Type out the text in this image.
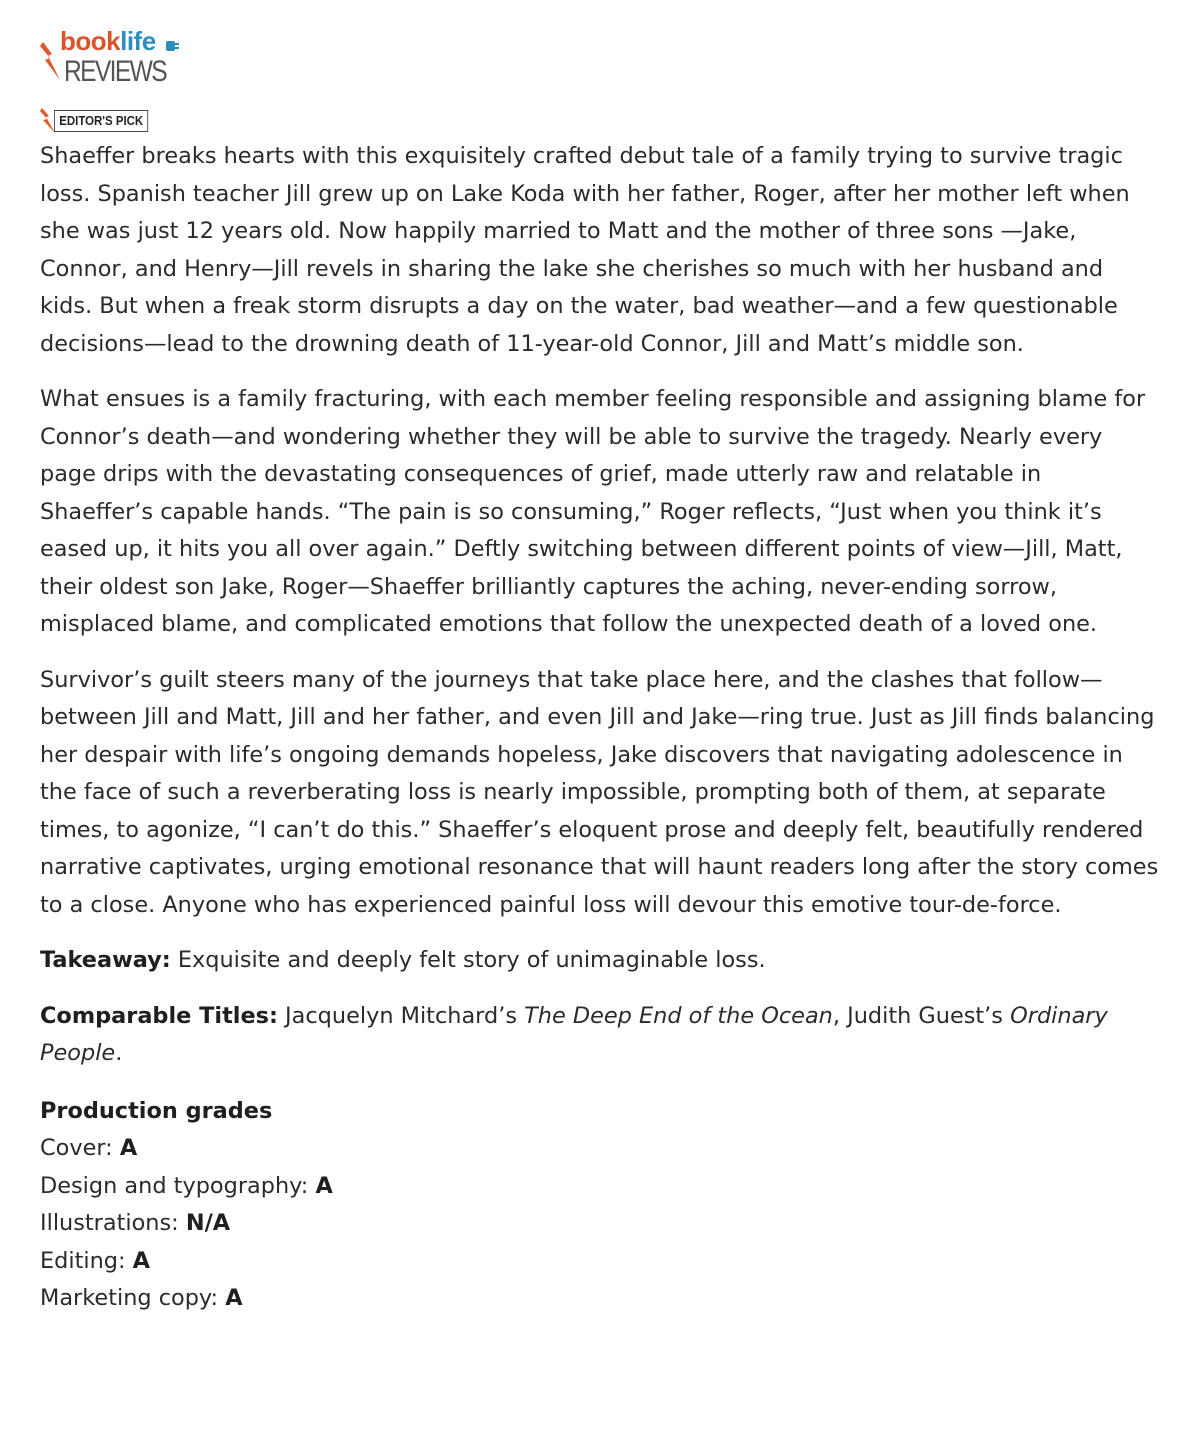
booklife
REVIEWS
EDITOR'S PICK

Shaeffer breaks hearts with this exquisitely crafted debut tale of a family trying to survive tragic loss. Spanish teacher Jill grew up on Lake Koda with her father, Roger, after her mother left when she was just 12 years old. Now happily married to Matt and the mother of three sons —Jake, Connor, and Henry—Jill revels in sharing the lake she cherishes so much with her husband and kids. But when a freak storm disrupts a day on the water, bad weather—and a few questionable decisions—lead to the drowning death of 11-year-old Connor, Jill and Matt’s middle son.

What ensues is a family fracturing, with each member feeling responsible and assigning blame for Connor’s death—and wondering whether they will be able to survive the tragedy. Nearly every page drips with the devastating consequences of grief, made utterly raw and relatable in Shaeffer’s capable hands. “The pain is so consuming,” Roger reflects, “Just when you think it’s eased up, it hits you all over again.” Deftly switching between different points of view—Jill, Matt, their oldest son Jake, Roger—Shaeffer brilliantly captures the aching, never-ending sorrow, misplaced blame, and complicated emotions that follow the unexpected death of a loved one.

Survivor’s guilt steers many of the journeys that take place here, and the clashes that follow— between Jill and Matt, Jill and her father, and even Jill and Jake—ring true. Just as Jill finds balancing her despair with life’s ongoing demands hopeless, Jake discovers that navigating adolescence in the face of such a reverberating loss is nearly impossible, prompting both of them, at separate times, to agonize, “I can’t do this.” Shaeffer’s eloquent prose and deeply felt, beautifully rendered narrative captivates, urging emotional resonance that will haunt readers long after the story comes to a close. Anyone who has experienced painful loss will devour this emotive tour-de-force.

Takeaway: Exquisite and deeply felt story of unimaginable loss.

Comparable Titles: Jacquelyn Mitchard’s The Deep End of the Ocean, Judith Guest’s Ordinary People.

Production grades
Cover: A
Design and typography: A
Illustrations: N/A
Editing: A
Marketing copy: A
